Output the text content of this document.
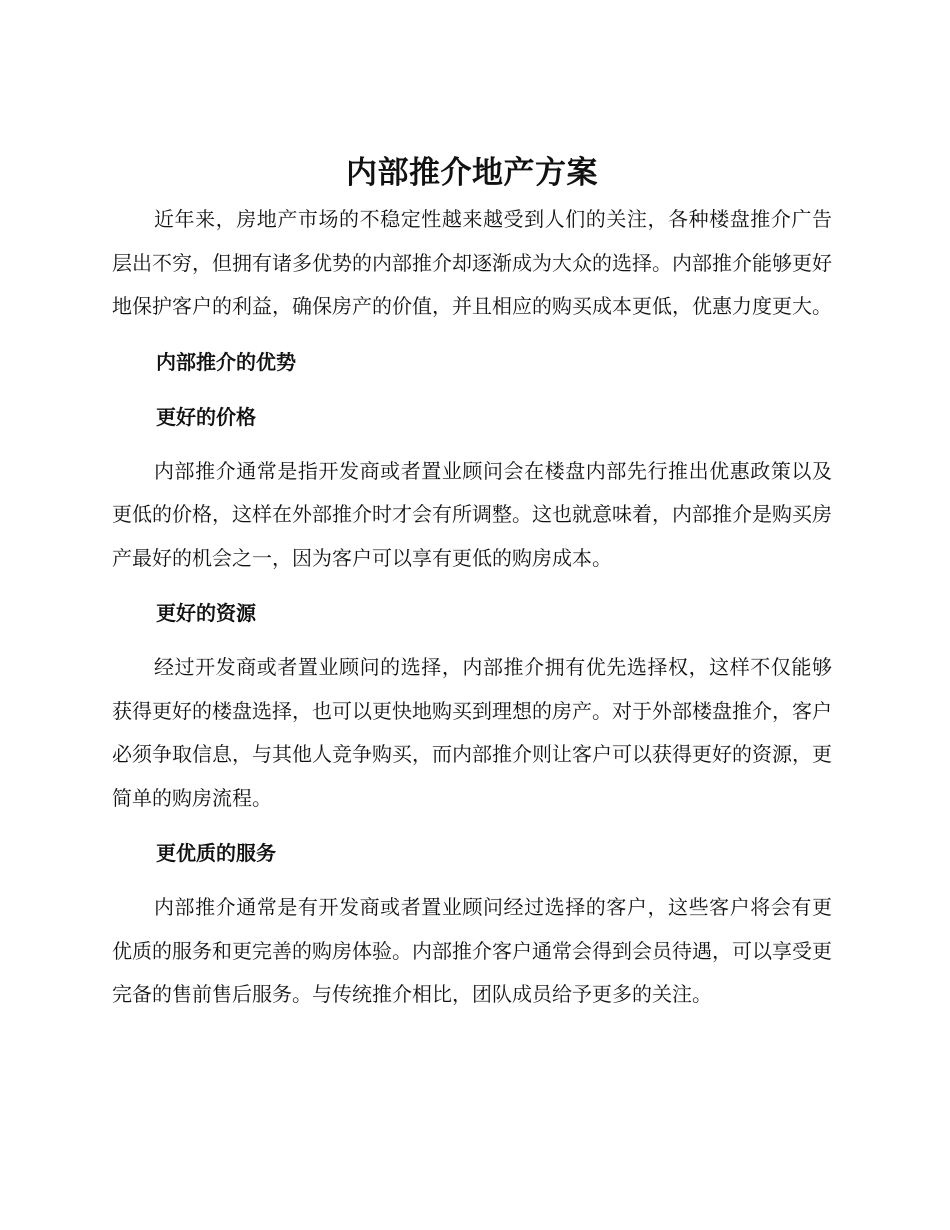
内部推介地产方案

近年来，房地产市场的不稳定性越来越受到人们的关注，各种楼盘推介广告层出不穷，但拥有诸多优势的内部推介却逐渐成为大众的选择。内部推介能够更好地保护客户的利益，确保房产的价值，并且相应的购买成本更低，优惠力度更大。

内部推介的优势
更好的价格

内部推介通常是指开发商或者置业顾问会在楼盘内部先行推出优惠政策以及更低的价格，这样在外部推介时才会有所调整。这也就意味着，内部推介是购买房产最好的机会之一，因为客户可以享有更低的购房成本。

更好的资源

经过开发商或者置业顾问的选择，内部推介拥有优先选择权，这样不仅能够获得更好的楼盘选择，也可以更快地购买到理想的房产。对于外部楼盘推介，客户必须争取信息，与其他人竞争购买，而内部推介则让客户可以获得更好的资源，更简单的购房流程。

更优质的服务

内部推介通常是有开发商或者置业顾问经过选择的客户，这些客户将会有更优质的服务和更完善的购房体验。内部推介客户通常会得到会员待遇，可以享受更完备的售前售后服务。与传统推介相比，团队成员给予更多的关注。
